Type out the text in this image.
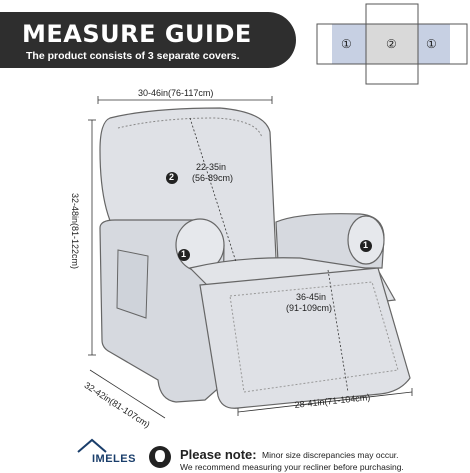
MEASURE GUIDE
The product consists of 3 separate covers.
①	② ①
2
1
1
30-46in(76-117cm)
22-35in
(56-89cm)
32-48in(81-122cm)
36-45in
(91-109cm)
32-42in(81-107cm)	28-41in(71-104cm)
IMELES	Please note: Minor size discrepancies may occur.
We recommend measuring your recliner before purchasing.
